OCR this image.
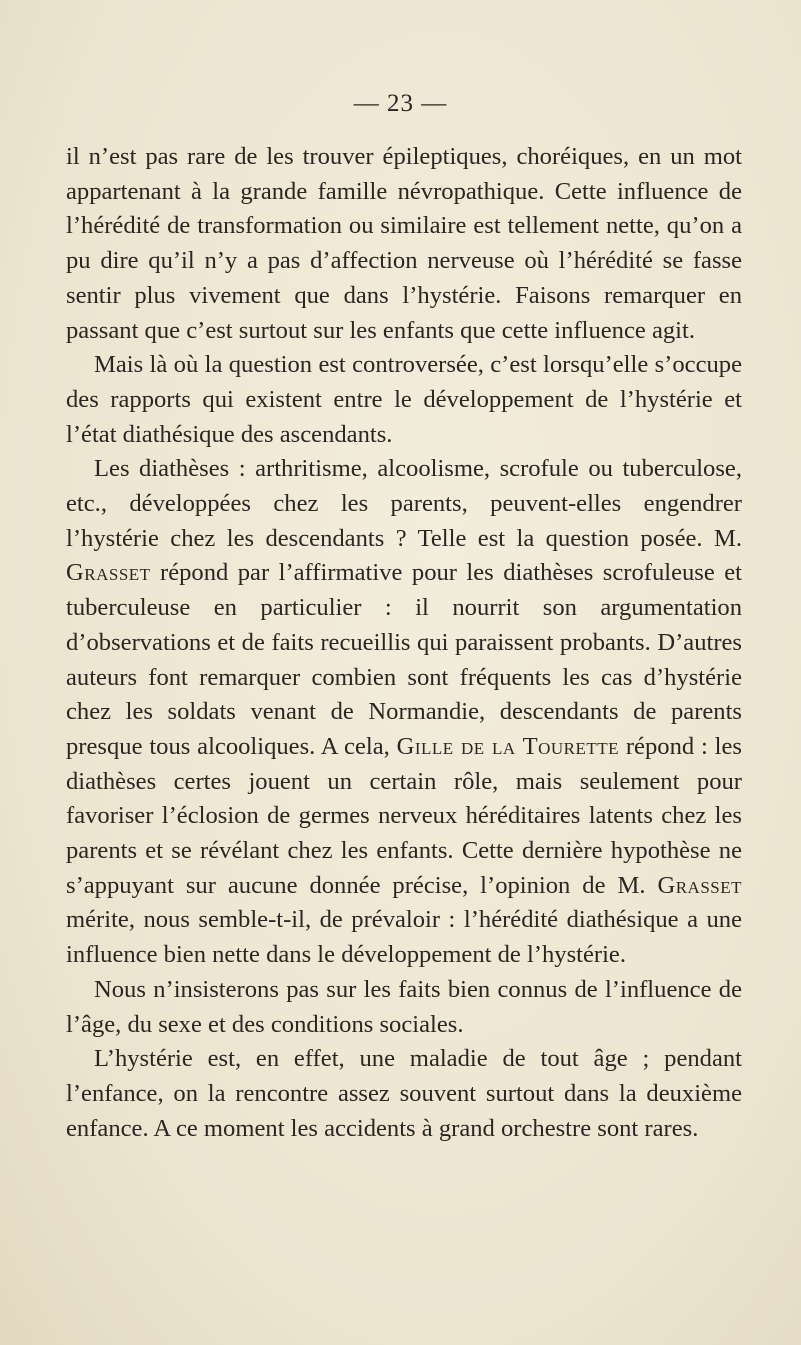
— 23 —

il n’est pas rare de les trouver épileptiques, choréiques, en un mot appartenant à la grande famille névropathique. Cette influence de l’hérédité de transformation ou similaire est tellement nette, qu’on a pu dire qu’il n’y a pas d’affection nerveuse où l’hérédité se fasse sentir plus vivement que dans l’hystérie. Faisons remarquer en passant que c’est surtout sur les enfants que cette influence agit.

Mais là où la question est controversée, c’est lorsqu’elle s’occupe des rapports qui existent entre le développement de l’hystérie et l’état diathésique des ascendants.

Les diathèses : arthritisme, alcoolisme, scrofule ou tuberculose, etc., développées chez les parents, peuvent-elles engendrer l’hystérie chez les descendants ? Telle est la question posée. M. Grasset répond par l’affirmative pour les diathèses scrofuleuse et tuberculeuse en particulier : il nourrit son argumentation d’observations et de faits recueillis qui paraissent probants. D’autres auteurs font remarquer combien sont fréquents les cas d’hystérie chez les soldats venant de Normandie, descendants de parents presque tous alcooliques. A cela, Gille de la Tourette répond : les diathèses certes jouent un certain rôle, mais seulement pour favoriser l’éclosion de germes nerveux héréditaires latents chez les parents et se révélant chez les enfants. Cette dernière hypothèse ne s’appuyant sur aucune donnée précise, l’opinion de M. Grasset mérite, nous semble-t-il, de prévaloir : l’hérédité diathésique a une influence bien nette dans le développement de l’hystérie.

Nous n’insisterons pas sur les faits bien connus de l’influence de l’âge, du sexe et des conditions sociales.

L’hystérie est, en effet, une maladie de tout âge ; pendant l’enfance, on la rencontre assez souvent surtout dans la deuxième enfance. A ce moment les accidents à grand orchestre sont rares.
